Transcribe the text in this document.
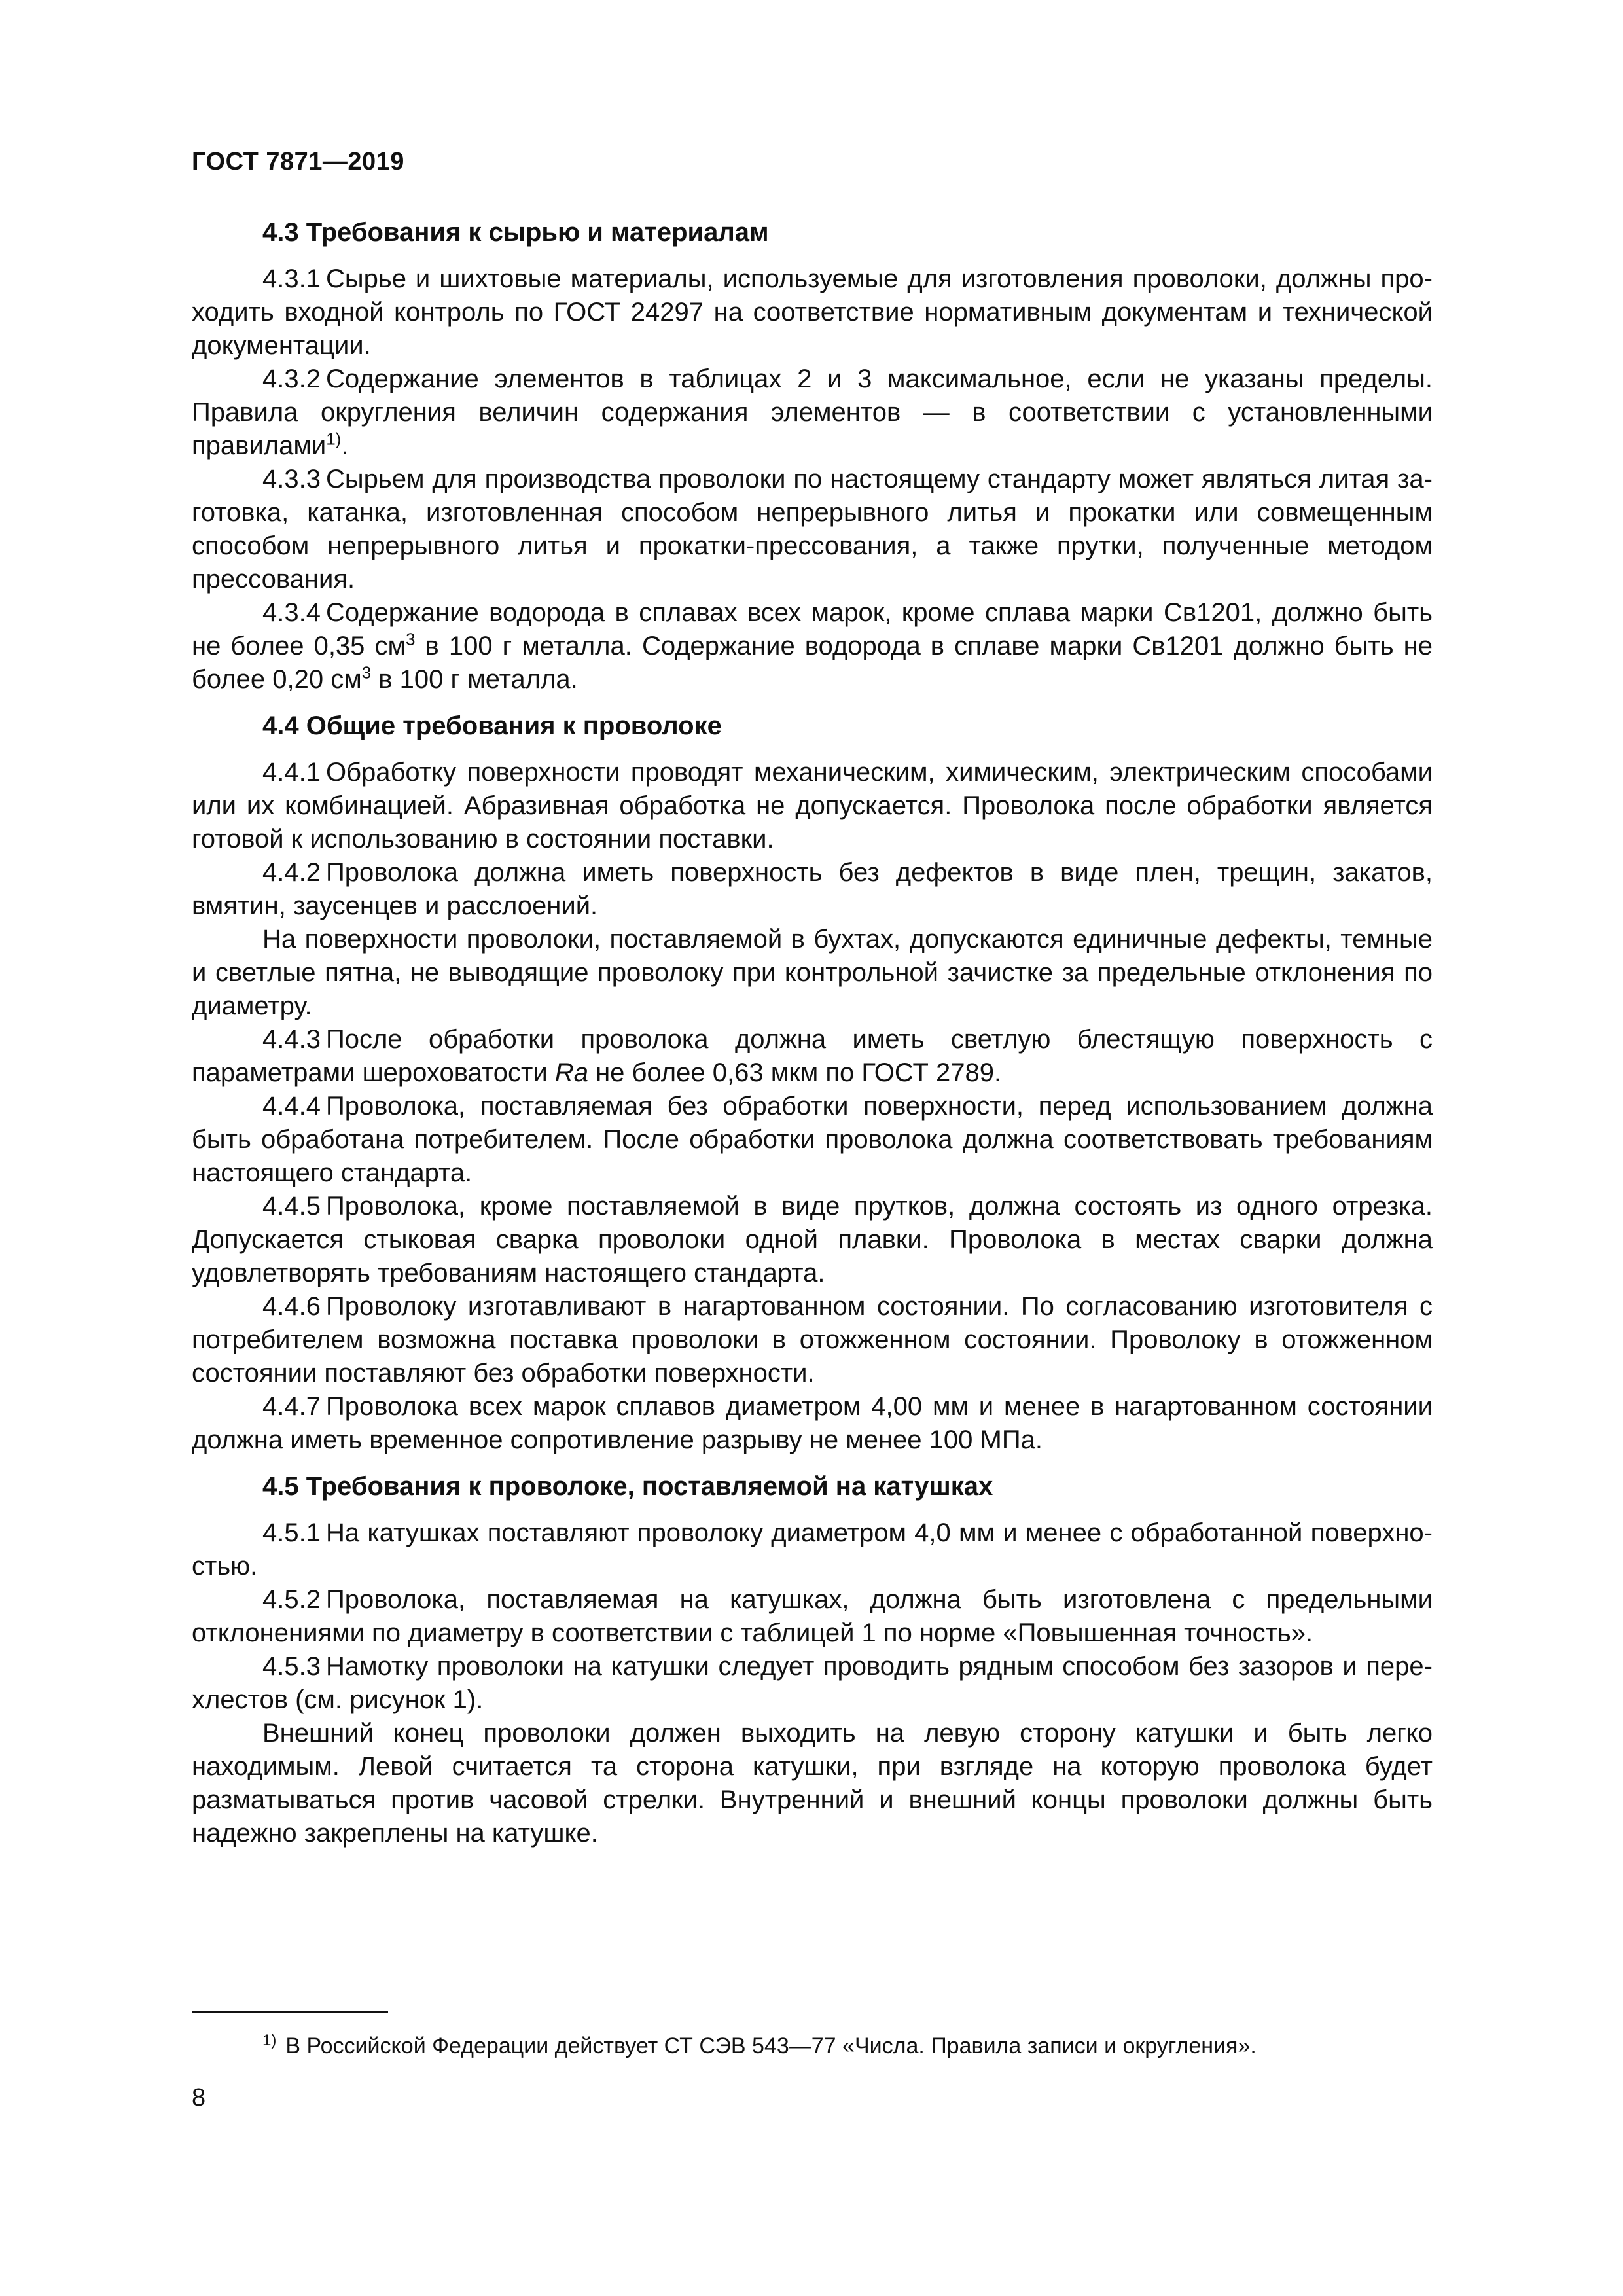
ГОСТ 7871—2019
4.3 Требования к сырью и материалам

4.3.1 Сырье и шихтовые материалы, используемые для изготовления проволоки, должны проходить входной контроль по ГОСТ 24297 на соответствие нормативным документам и технической документации.

4.3.2 Содержание элементов в таблицах 2 и 3 максимальное, если не указаны пределы. Правила округления величин содержания элементов — в соответствии с установленными правилами$^{1)}$.

4.3.3 Сырьем для производства проволоки по настоящему стандарту может являться литая заготовка, катанка, изготовленная способом непрерывного литья и прокатки или совмещенным способом непрерывного литья и прокатки-прессования, а также прутки, полученные методом прессования.

4.3.4 Содержание водорода в сплавах всех марок, кроме сплава марки Св1201, должно быть не более 0,35 $см^3$ в 100 г металла. Содержание водорода в сплаве марки Св1201 должно быть не более 0,20 $см^3$ в 100 г металла.

4.4 Общие требования к проволоке

4.4.1 Обработку поверхности проводят механическим, химическим, электрическим способами или их комбинацией. Абразивная обработка не допускается. Проволока после обработки является готовой к использованию в состоянии поставки.

4.4.2 Проволока должна иметь поверхность без дефектов в виде плен, трещин, закатов, вмятин, заусенцев и расслоений.

На поверхности проволоки, поставляемой в бухтах, допускаются единичные дефекты, темные и светлые пятна, не выводящие проволоку при контрольной зачистке за предельные отклонения по диаметру.

4.4.3 После обработки проволока должна иметь светлую блестящую поверхность с параметрами шероховатости Ra не более 0,63 мкм по ГОСТ 2789.

4.4.4 Проволока, поставляемая без обработки поверхности, перед использованием должна быть обработана потребителем. После обработки проволока должна соответствовать требованиям настоящего стандарта.

4.4.5 Проволока, кроме поставляемой в виде прутков, должна состоять из одного отрезка. Допускается стыковая сварка проволоки одной плавки. Проволока в местах сварки должна удовлетворять требованиям настоящего стандарта.

4.4.6 Проволоку изготавливают в нагартованном состоянии. По согласованию изготовителя с потребителем возможна поставка проволоки в отожженном состоянии. Проволоку в отожженном состоянии поставляют без обработки поверхности.

4.4.7 Проволока всех марок сплавов диаметром 4,00 мм и менее в нагартованном состоянии должна иметь временное сопротивление разрыву не менее 100 МПа.

4.5 Требования к проволоке, поставляемой на катушках

4.5.1 На катушках поставляют проволоку диаметром 4,0 мм и менее с обработанной поверхностью.

4.5.2 Проволока, поставляемая на катушках, должна быть изготовлена с предельными отклонениями по диаметру в соответствии с таблицей 1 по норме «Повышенная точность».

4.5.3 Намотку проволоки на катушки следует проводить рядным способом без зазоров и перехлестов (см. рисунок 1).

Внешний конец проволоки должен выходить на левую сторону катушки и быть легко находимым. Левой считается та сторона катушки, при взгляде на которую проволока будет разматываться против часовой стрелки. Внутренний и внешний концы проволоки должны быть надежно закреплены на катушке.

$^{1)}$ В Российской Федерации действует СТ СЭВ 543—77 «Числа. Правила записи и округления».
8
